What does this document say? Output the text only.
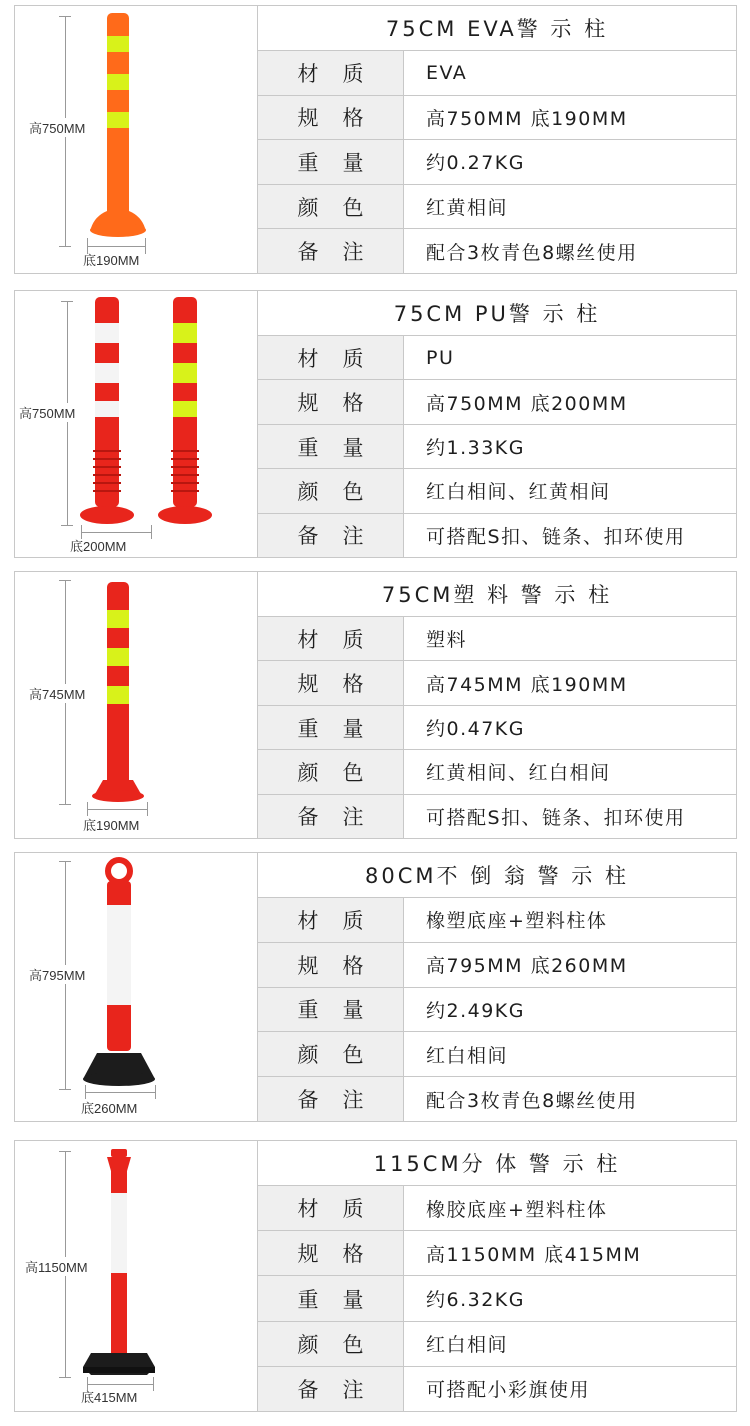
高750MM
底190MM
75CM EVA警 示 柱
材质	EVA
规格	高750MM 底190MM
重量	约0.27KG
颜色	红黄相间
备注	配合3枚青色8螺丝使用
高750MM
底200MM
75CM PU警 示 柱
材质	PU
规格	高750MM 底200MM
重量	约1.33KG
颜色	红白相间、红黄相间
备注	可搭配S扣、链条、扣环使用
高745MM
底190MM
75CM塑 料 警 示 柱
材质	塑料
规格	高745MM 底190MM
重量	约0.47KG
颜色	红黄相间、红白相间
备注	可搭配S扣、链条、扣环使用
高795MM
底260MM
80CM不 倒 翁 警 示 柱
材质	橡塑底座+塑料柱体
规格	高795MM 底260MM
重量	约2.49KG
颜色	红白相间
备注	配合3枚青色8螺丝使用
高1150MM
底415MM
115CM分 体 警 示 柱
材质	橡胶底座+塑料柱体
规格	高1150MM 底415MM
重量	约6.32KG
颜色	红白相间
备注	可搭配小彩旗使用
